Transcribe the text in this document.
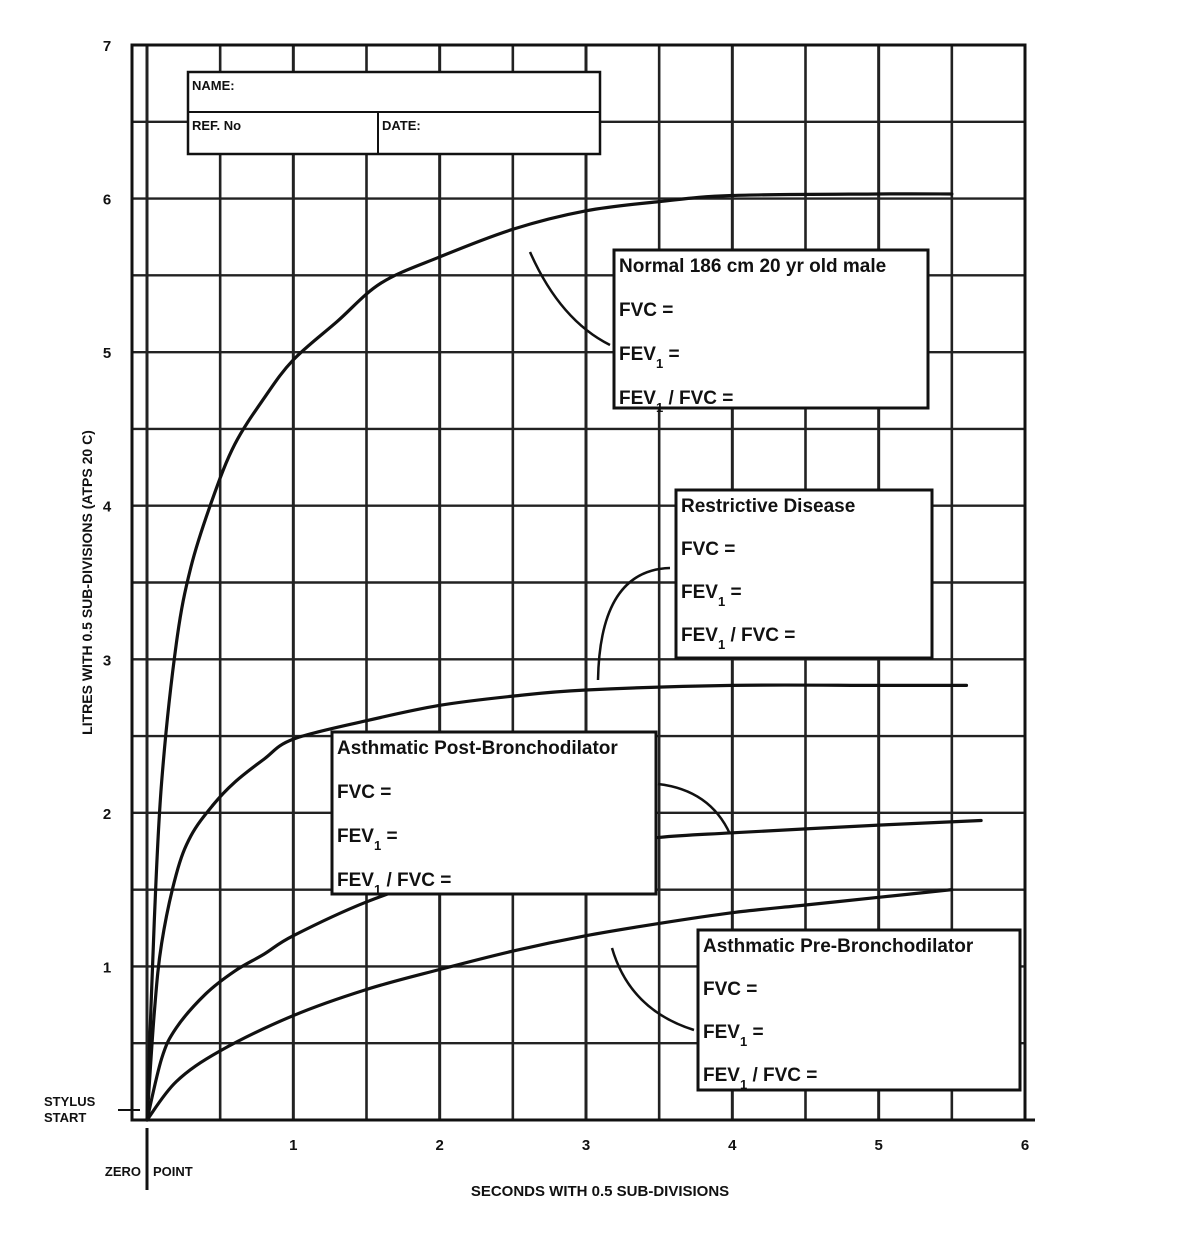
1
2
3
4
5
6
7
1	2	3	4	5	6
SECONDS WITH 0.5 SUB-DIVISIONS
LITRES WITH 0.5 SUB-DIVISIONS (ATPS 20 C)
STYLUS
START
ZERO POINT
NAME:
REF. No	DATE:
Normal 186 cm 20 yr old male
FVC =
$FEV_1$ =
$FEV_1$ / FVC =
Restrictive Disease
FVC =
$FEV_1$ =
$FEV_1$ / FVC =
Asthmatic Post-Bronchodilator
FVC =
$FEV_1$ =
$FEV_1$ / FVC =
Asthmatic Pre-Bronchodilator
FVC =
$FEV_1$ =
$FEV_1$ / FVC =
